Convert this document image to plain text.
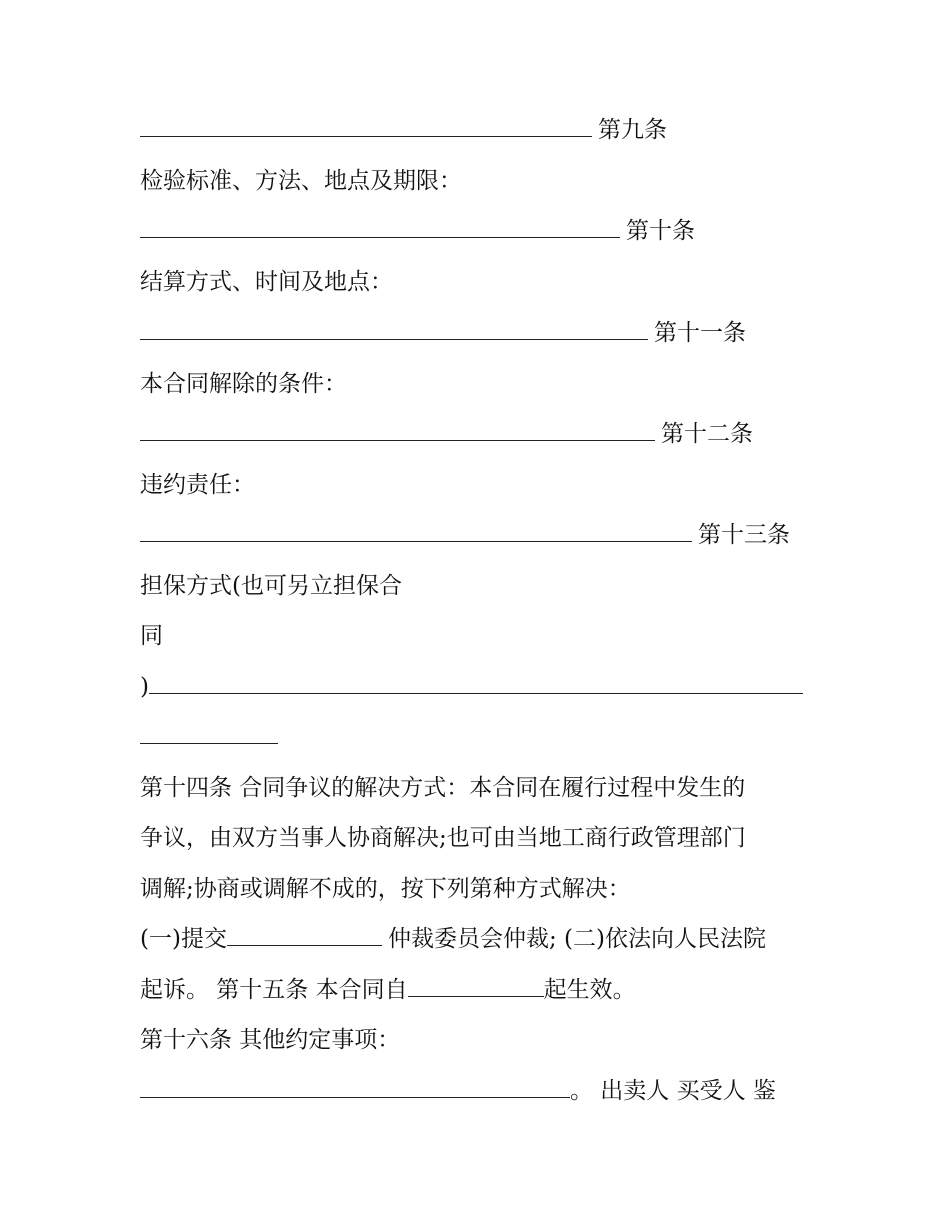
第九条
检验标准、方法、地点及期限：
第十条
结算方式、时间及地点：
第十一条
本合同解除的条件：
第十二条
违约责任：
第十三条
担保方式(也可另立担保合
同
)
第十四条 合同争议的解决方式：本合同在履行过程中发生的
争议，由双方当事人协商解决;也可由当地工商行政管理部门
调解;协商或调解不成的，按下列第种方式解决：
(一)提交	仲裁委员会仲裁; (二)依法向人民法院
起诉。 第十五条 本合同自	起生效。
第十六条 其他约定事项：
。 出卖人 买受人 鉴
